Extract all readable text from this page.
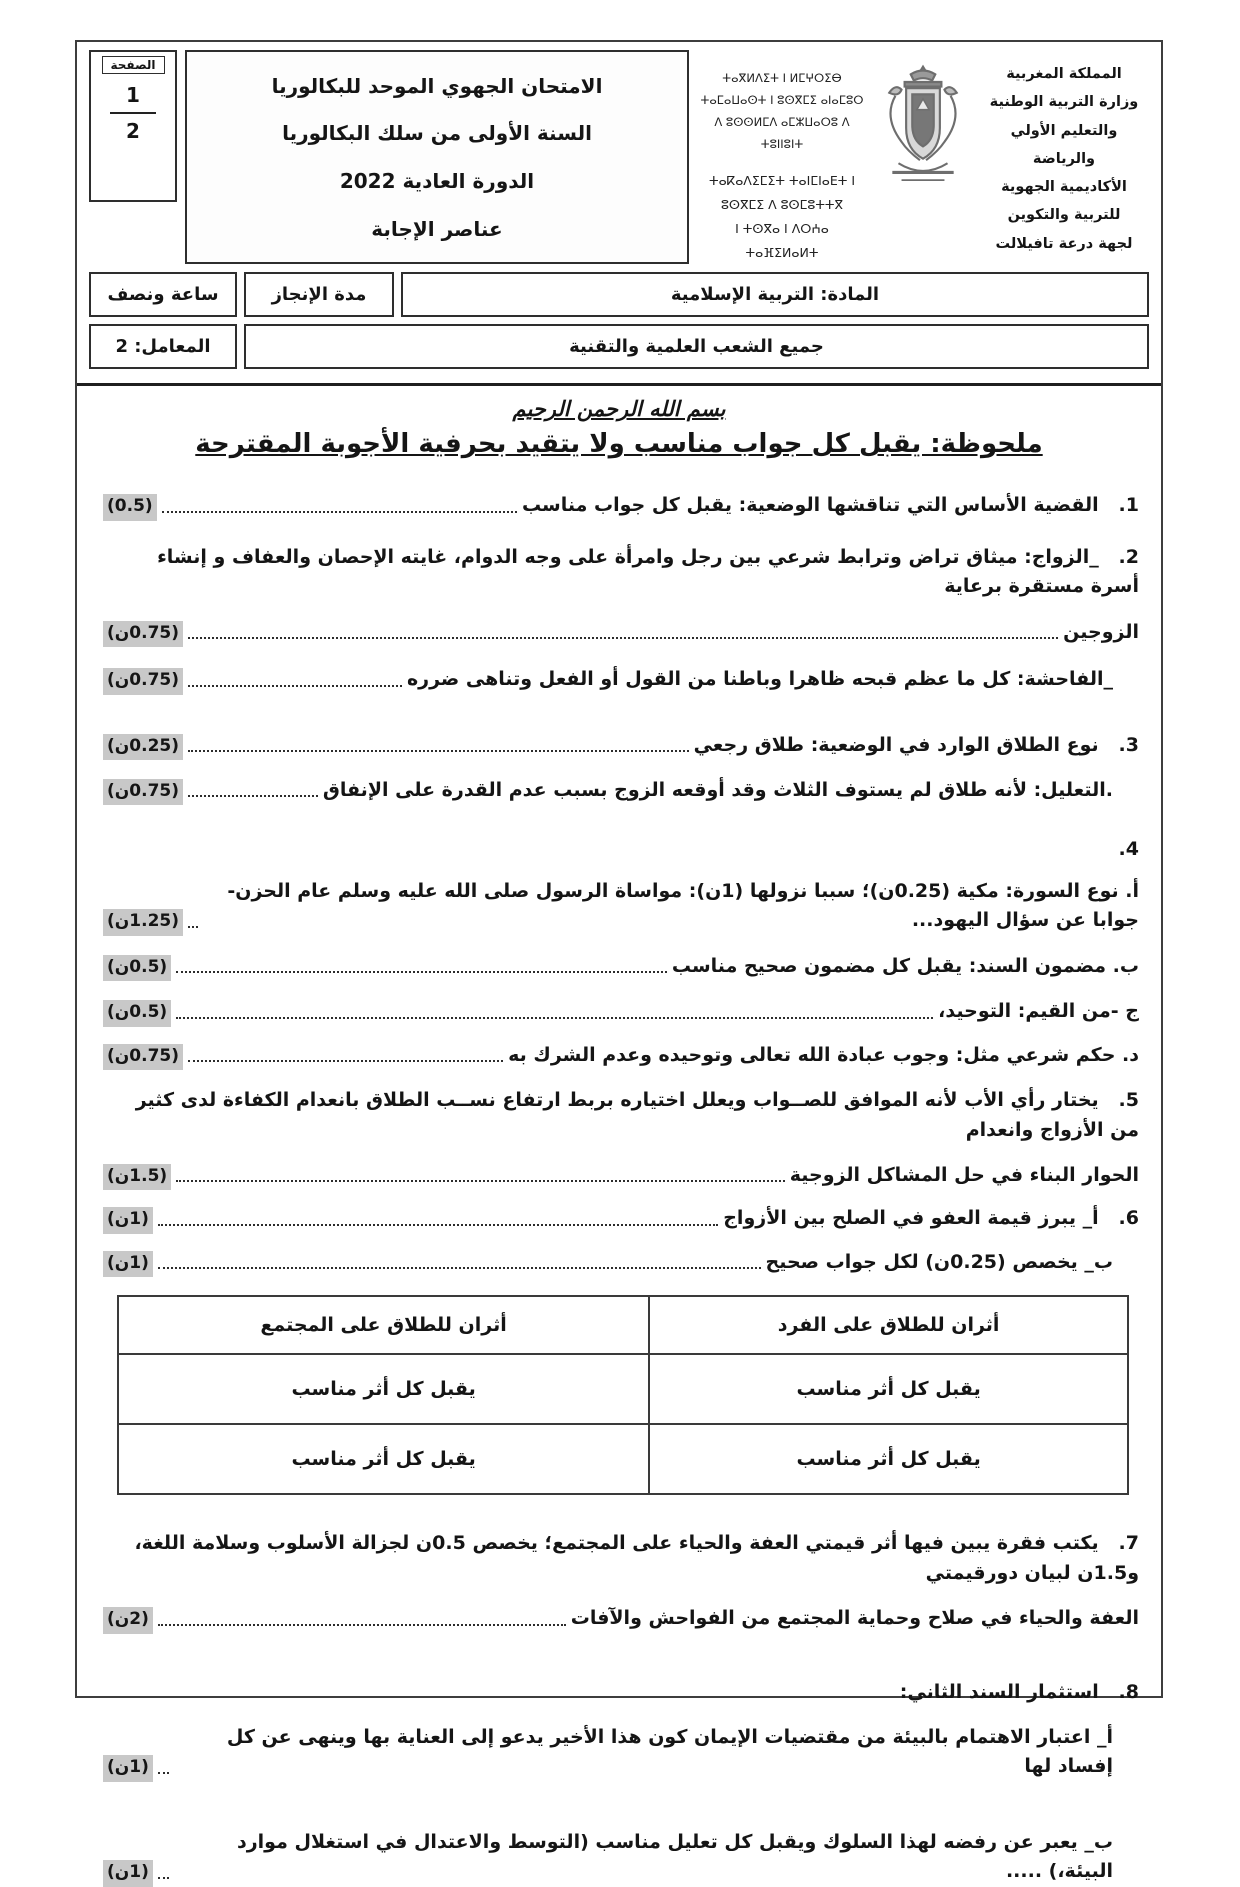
المملكة المغربية
وزارة التربية الوطنية
والتعليم الأولي والرياضة
الأكاديمية الجهوية للتربية والتكوين
لجهة درعة تافيلالت
ⵜⴰⴳⵍⴷⵉⵜ ⵏ ⵍⵎⵖⵔⵉⴱ
ⵜⴰⵎⴰⵡⴰⵙⵜ ⵏ ⵓⵙⴳⵎⵉ ⴰⵏⴰⵎⵓⵔ
ⴷ ⵓⵙⵙⵍⵎⴷ ⴰⵎⵣⵡⴰⵔⵓ ⴷ ⵜⵓⵏⵏⵓⵏⵜ
ⵜⴰⴽⴰⴷⵉⵎⵉⵜ ⵜⴰⵏⵎⵏⴰⴹⵜ ⵏ ⵓⵙⴳⵎⵉ ⴷ ⵓⵙⵎⵓⵜⵜⴳ
ⵏ ⵜⵙⴳⴰ ⵏ ⴷⵔⵄⴰ ⵜⴰⴼⵉⵍⴰⵍⵜ
الامتحان الجهوي الموحد للبكالوريا
السنة الأولى من سلك البكالوريا
الدورة العادية 2022
عناصر الإجابة
الصفحة
1
2
المادة: التربية الإسلامية
مدة الإنجاز
ساعة ونصف
جميع الشعب العلمية والتقنية
المعامل: 2
بسم الله الرحمن الرحيم
ملحوظة: يقبل كل جواب مناسب ولا يتقيد بحرفية الأجوبة المقترحة
1.   القضية الأساس التي تناقشها الوضعية: يقبل كل جواب مناسب
(0.5)
2.   _الزواج: ميثاق تراض وترابط شرعي بين رجل وامرأة على وجه الدوام، غايته الإحصان والعفاف و إنشاء أسرة مستقرة برعاية
الزوجين
(0.75ن)
_الفاحشة: كل ما عظم قبحه ظاهرا وباطنا من القول أو الفعل وتناهى ضرره
(0.75ن)
3.   نوع الطلاق الوارد في الوضعية: طلاق رجعي
(0.25ن)
.التعليل: لأنه طلاق لم يستوف الثلاث وقد أوقعه الزوج بسبب عدم القدرة على الإنفاق
(0.75ن)
4.
أ. نوع السورة: مكية (0.25ن)؛ سببا نزولها (1ن): مواساة الرسول صلى الله عليه وسلم عام الحزن- جوابا عن سؤال اليهود...
(1.25ن)
ب. مضمون السند: يقبل كل مضمون صحيح مناسب
(0.5ن)
ج -من القيم: التوحيد،
(0.5ن)
د. حكم شرعي مثل: وجوب عبادة الله تعالى وتوحيده وعدم الشرك به
(0.75ن)
5.   يختار رأي الأب لأنه الموافق للصــواب ويعلل اختياره بربط ارتفاع نســب الطلاق بانعدام الكفاءة لدى كثير من الأزواج وانعدام
الحوار البناء في حل المشاكل الزوجية
(1.5ن)
6.   أ_ يبرز قيمة العفو في الصلح بين الأزواج
(1ن)
ب_ يخصص (0.25ن) لكل جواب صحيح
(1ن)
أثران للطلاق على الفرد	أثران للطلاق على المجتمع
يقبل كل أثر مناسب	يقبل كل أثر مناسب
يقبل كل أثر مناسب	يقبل كل أثر مناسب
7.   يكتب فقرة يبين فيها أثر قيمتي العفة والحياء على المجتمع؛ يخصص 0.5ن لجزالة الأسلوب وسلامة اللغة، و1.5ن لبيان دورقيمتي
العفة والحياء في صلاح وحماية المجتمع من الفواحش والآفات
(2ن)
8.   استثمار السند الثاني:
أ_ اعتبار الاهتمام بالبيئة من مقتضيات الإيمان كون هذا الأخير يدعو إلى العناية بها وينهى عن كل إفساد لها
(1ن)
ب_ يعبر عن رفضه لهذا السلوك ويقبل كل تعليل مناسب (التوسط والاعتدال في استغلال موارد البيئة،) .....
(1ن)
